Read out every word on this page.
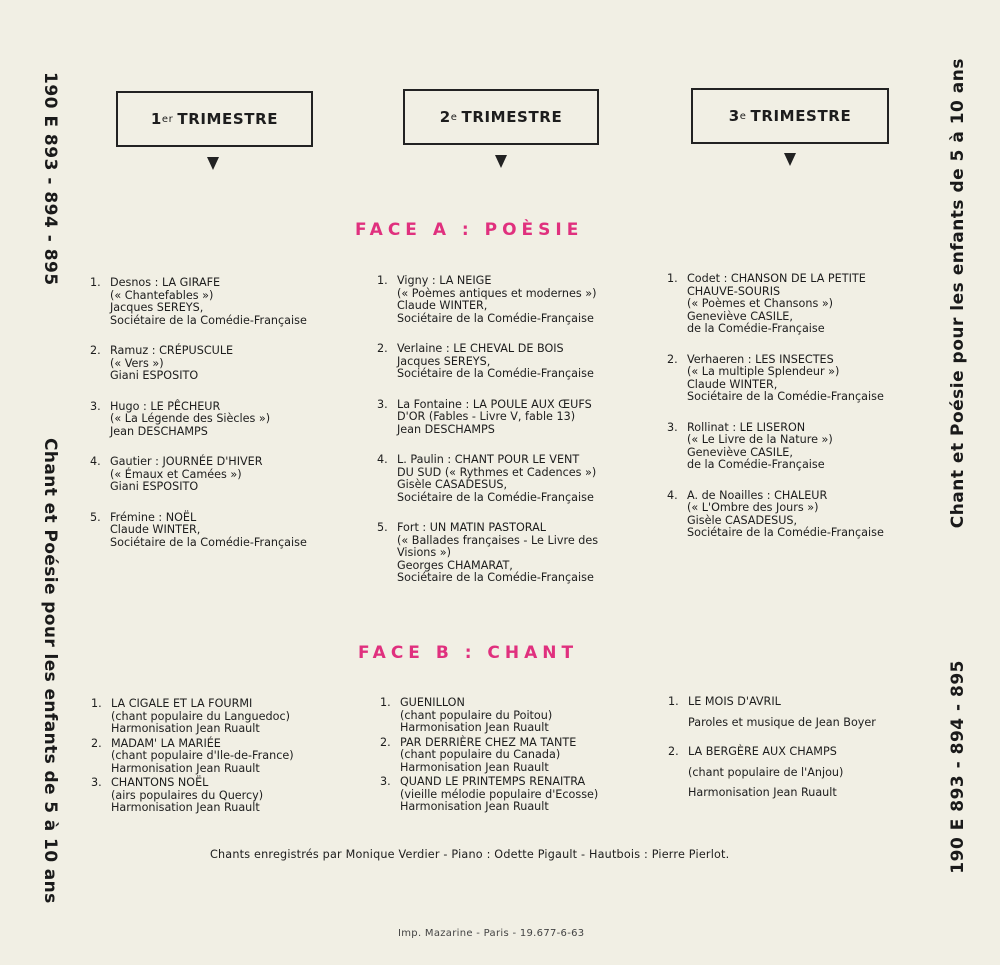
190 E 893 - 894 - 895
Chant et Poésie pour les enfants de 5 à 10 ans
Chant et Poésie pour les enfants de 5 à 10 ans
190 E 893 - 894 - 895
1 er TRIMESTRE	2 e TRIMESTRE	3 e TRIMESTRE
FACE A : POÈSIE
1. Desnos : LA GIRAFE
(« Chantefables »)
Jacques SEREYS,
Sociétaire de la Comédie-Française
2. Ramuz : CRÉPUSCULE
(« Vers »)
Giani ESPOSITO
3. Hugo : LE PÊCHEUR
(« La Légende des Siècles »)
Jean DESCHAMPS
4. Gautier : JOURNÉE D'HIVER
(« Émaux et Camées »)
Giani ESPOSITO
5. Frémine : NOËL
Claude WINTER,
Sociétaire de la Comédie-Française
1. Vigny : LA NEIGE
(« Poèmes antiques et modernes »)
Claude WINTER,
Sociétaire de la Comédie-Française
2. Verlaine : LE CHEVAL DE BOIS
Jacques SEREYS,
Sociétaire de la Comédie-Française
3. La Fontaine : LA POULE AUX ŒUFS
D'OR (Fables - Livre V, fable 13)
Jean DESCHAMPS
4. L. Paulin : CHANT POUR LE VENT
DU SUD (« Rythmes et Cadences »)
Gisèle CASADESUS,
Sociétaire de la Comédie-Française
5. Fort : UN MATIN PASTORAL
(« Ballades françaises - Le Livre des
Visions »)
Georges CHAMARAT,
Sociétaire de la Comédie-Française
1. Codet : CHANSON DE LA PETITE
CHAUVE-SOURIS
(« Poèmes et Chansons »)
Geneviève CASILE,
de la Comédie-Française
2. Verhaeren : LES INSECTES
(« La multiple Splendeur »)
Claude WINTER,
Sociétaire de la Comédie-Française
3. Rollinat : LE LISERON
(« Le Livre de la Nature »)
Geneviève CASILE,
de la Comédie-Française
4. A. de Noailles : CHALEUR
(« L'Ombre des Jours »)
Gisèle CASADESUS,
Sociétaire de la Comédie-Française
FACE B : CHANT
1. LA CIGALE ET LA FOURMI
(chant populaire du Languedoc)
Harmonisation Jean Ruault
2. MADAM' LA MARIÉE
(chant populaire d'Ile-de-France)
Harmonisation Jean Ruault
3. CHANTONS NOËL
(airs populaires du Quercy)
Harmonisation Jean Ruault
1. GUENILLON
(chant populaire du Poitou)
Harmonisation Jean Ruault
2. PAR DERRIÈRE CHEZ MA TANTE
(chant populaire du Canada)
Harmonisation Jean Ruault
3. QUAND LE PRINTEMPS RENAITRA
(vieille mélodie populaire d'Ecosse)
Harmonisation Jean Ruault
1. LE MOIS D'AVRIL
Paroles et musique de Jean Boyer
2. LA BERGÈRE AUX CHAMPS
(chant populaire de l'Anjou)
Harmonisation Jean Ruault
Chants enregistrés par Monique Verdier - Piano : Odette Pigault - Hautbois : Pierre Pierlot.
Imp. Mazarine - Paris - 19.677-6-63
